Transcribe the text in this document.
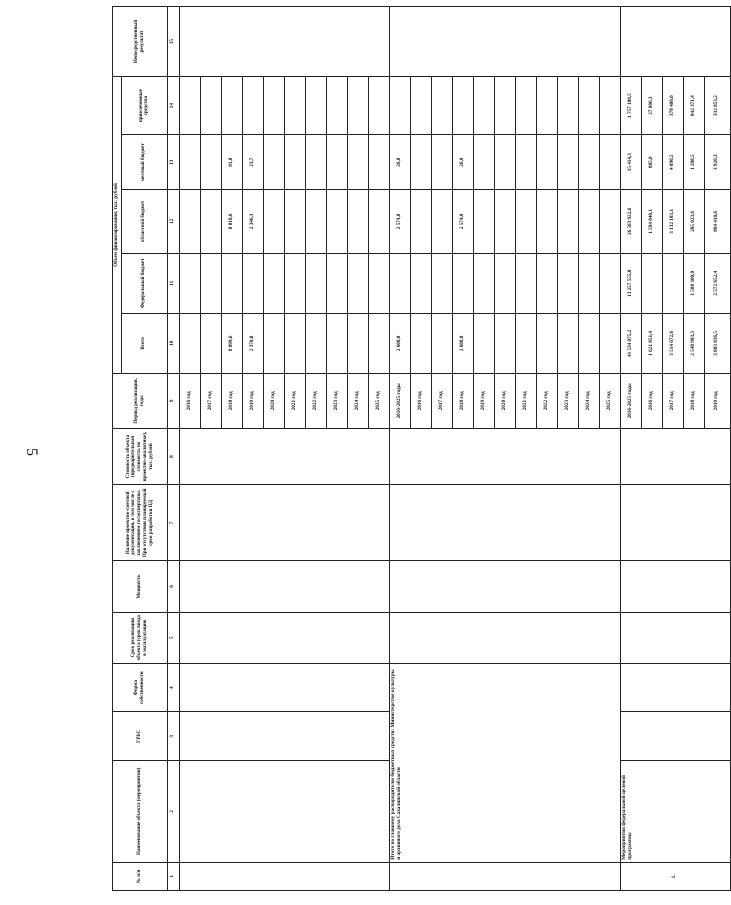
5
№ п/п	Наименование объекта (мероприятия)	ГРБС	Форма собственности	Срок реализации объекта (срок ввода в эксплуатацию	Мощность	Наличие проектно-сметной документации, в том числе с заключением госэкспертизы. При отсутствии планируемый срок разработки ПД	Стоимость объекта (предварительная стоимость по проектно-аналитике), тыс. рублей	Период реализации, годы	Объем финансирования, тыс. рублей					Непосредственный результат
									Всего	Федеральный бюджет	областной бюджет	местный бюджет	привлеченные средства	
1	2	3	4	5	6	7	8	9	10	11	12	13	14	15
								2016 год						
								2017 год						
								2018 год	8 099,6		8 018,6	81,0		
								2019 год	2 370,0		2 346,3	23,7		
								2020 год						
								2021 год						
								2022 год						
								2023 год						
								2024 год						
								2025 год						
	Итого по главному распорядителю бюджетных средств: Министерство культуры и архивного дела Сахалинской области							2016-2025 годы	2 600,0		2 574,0	26,0		
								2016 год						
								2017 год						
								2018 год	2 600,0		2 574,0	26,0		
								2019 год						
								2020 год						
								2021 год						
								2022 год						
								2023 год						
								2024 год						
								2025 год						
1.	Мероприятия федеральной целевой программы							2016-2025 годы	41 534 075,2	13 257 555,8	26 503 922,6	15 414,3	1 757 180,5	
								2016 год	1 621 851,4		1 594 040,1	805,0	27 006,3	
								2017 год	3 514 672,6		3 132 183,1	4 090,5	378 400,0	
								2018 год	2 548 903,3	1 500 300,0	205 023,6	1 208,5	842 371,4	
								2019 год	3 803 836,5	2 572 652,4	894 410,6	3 920,3	332 853,2	
